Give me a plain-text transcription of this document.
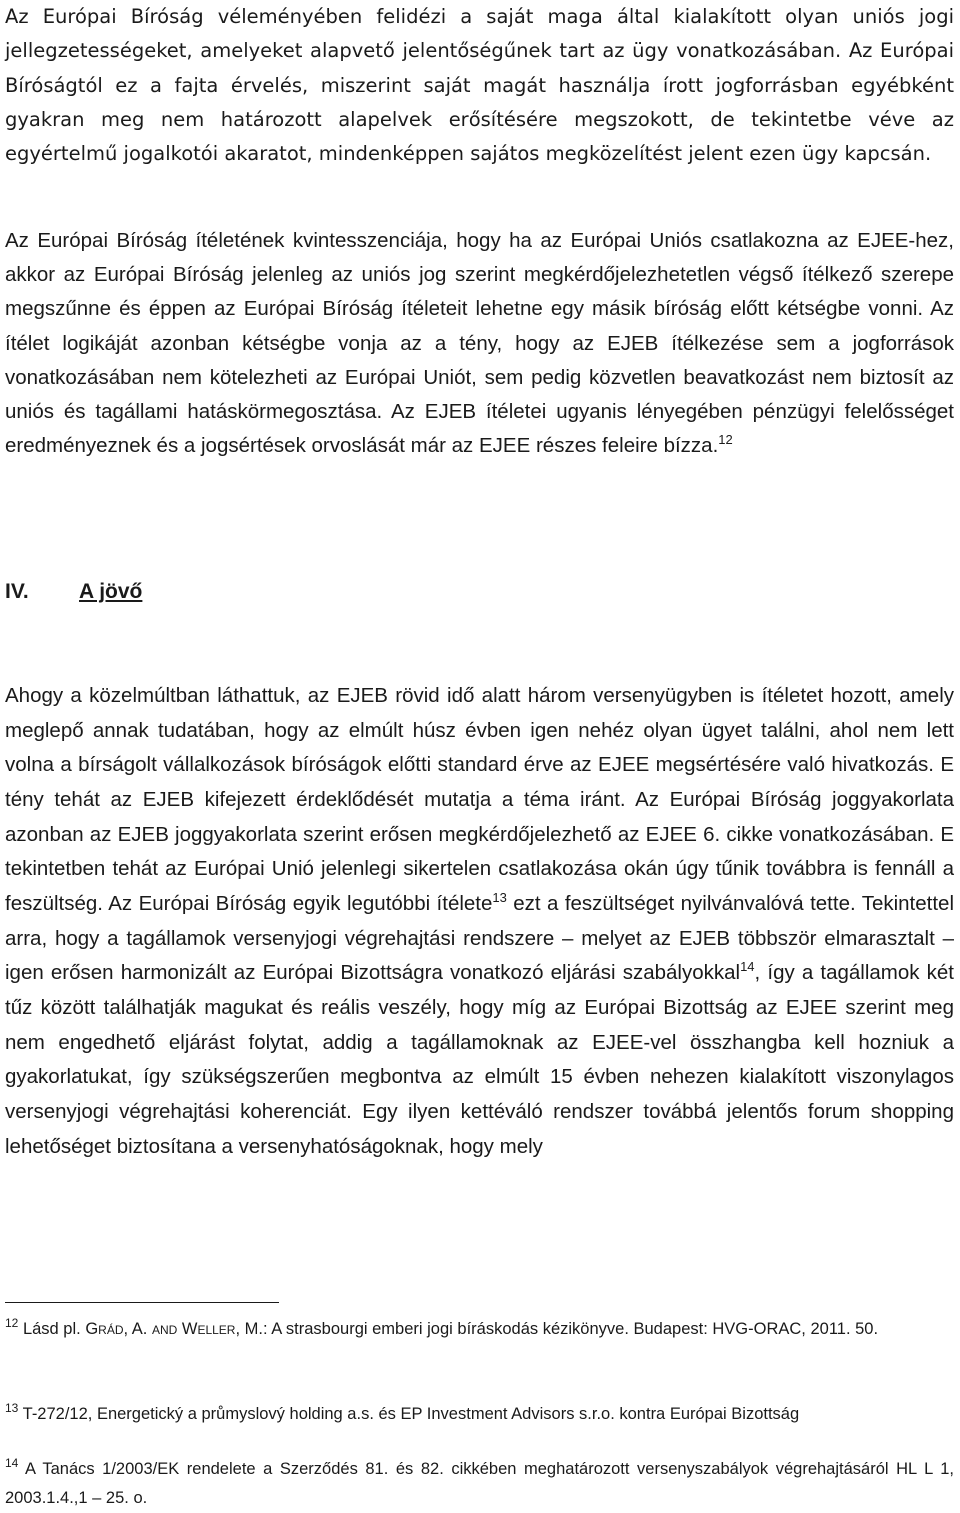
Az Európai Bíróság véleményében felidézi a saját maga által kialakított olyan uniós jogi jellegzetességeket, amelyeket alapvető jelentőségűnek tart az ügy vonatkozásában. Az Európai Bíróságtól ez a fajta érvelés, miszerint saját magát használja írott jogforrásban egyébként gyakran meg nem határozott alapelvek erősítésére megszokott, de tekintetbe véve az egyértelmű jogalkotói akaratot, mindenképpen sajátos megközelítést jelent ezen ügy kapcsán.

Az Európai Bíróság ítéletének kvintesszenciája, hogy ha az Európai Uniós csatlakozna az EJEE-hez, akkor az Európai Bíróság jelenleg az uniós jog szerint megkérdőjelezhetetlen végső ítélkező szerepe megszűnne és éppen az Európai Bíróság ítéleteit lehetne egy másik bíróság előtt kétségbe vonni. Az ítélet logikáját azonban kétségbe vonja az a tény, hogy az EJEB ítélkezése sem a jogforrások vonatkozásában nem kötelezheti az Európai Uniót, sem pedig közvetlen beavatkozást nem biztosít az uniós és tagállami hatáskörmegosztása. Az EJEB ítéletei ugyanis lényegében pénzügyi felelősséget eredményeznek és a jogsértések orvoslását már az EJEE részes feleire bízza.$^{12}$

IV. A jövő

Ahogy a közelmúltban láthattuk, az EJEB rövid idő alatt három versenyügyben is ítéletet hozott, amely meglepő annak tudatában, hogy az elmúlt húsz évben igen nehéz olyan ügyet találni, ahol nem lett volna a bírságolt vállalkozások bíróságok előtti standard érve az EJEE megsértésére való hivatkozás. E tény tehát az EJEB kifejezett érdeklődését mutatja a téma iránt. Az Európai Bíróság joggyakorlata azonban az EJEB joggyakorlata szerint erősen megkérdőjelezhető az EJEE 6. cikke vonatkozásában. E tekintetben tehát az Európai Unió jelenlegi sikertelen csatlakozása okán úgy tűnik továbbra is fennáll a feszültség. Az Európai Bíróság egyik legutóbbi ítélete$^{13}$ ezt a feszültséget nyilvánvalóvá tette. Tekintettel arra, hogy a tagállamok versenyjogi végrehajtási rendszere – melyet az EJEB többször elmarasztalt – igen erősen harmonizált az Európai Bizottságra vonatkozó eljárási szabályokkal$^{14}$, így a tagállamok két tűz között találhatják magukat és reális veszély, hogy míg az Európai Bizottság az EJEE szerint meg nem engedhető eljárást folytat, addig a tagállamoknak az EJEE-vel összhangba kell hozniuk a gyakorlatukat, így szükségszerűen megbontva az elmúlt 15 évben nehezen kialakított viszonylagos versenyjogi végrehajtási koherenciát. Egy ilyen kettéváló rendszer továbbá jelentős forum shopping lehetőséget biztosítana a versenyhatóságoknak, hogy mely

$^{12}$ Lásd pl. Grád, A. and Weller, M.: A strasbourgi emberi jogi bíráskodás kézikönyve. Budapest: HVG-ORAC, 2011. 50.

$^{13}$ T-272/12, Energetický a průmyslový holding a.s. és EP Investment Advisors s.r.o. kontra Európai Bizottság

$^{14}$ A Tanács 1/2003/EK rendelete a Szerződés 81. és 82. cikkében meghatározott versenyszabályok végrehajtásáról HL L 1, 2003.1.4.,1 – 25. o.
